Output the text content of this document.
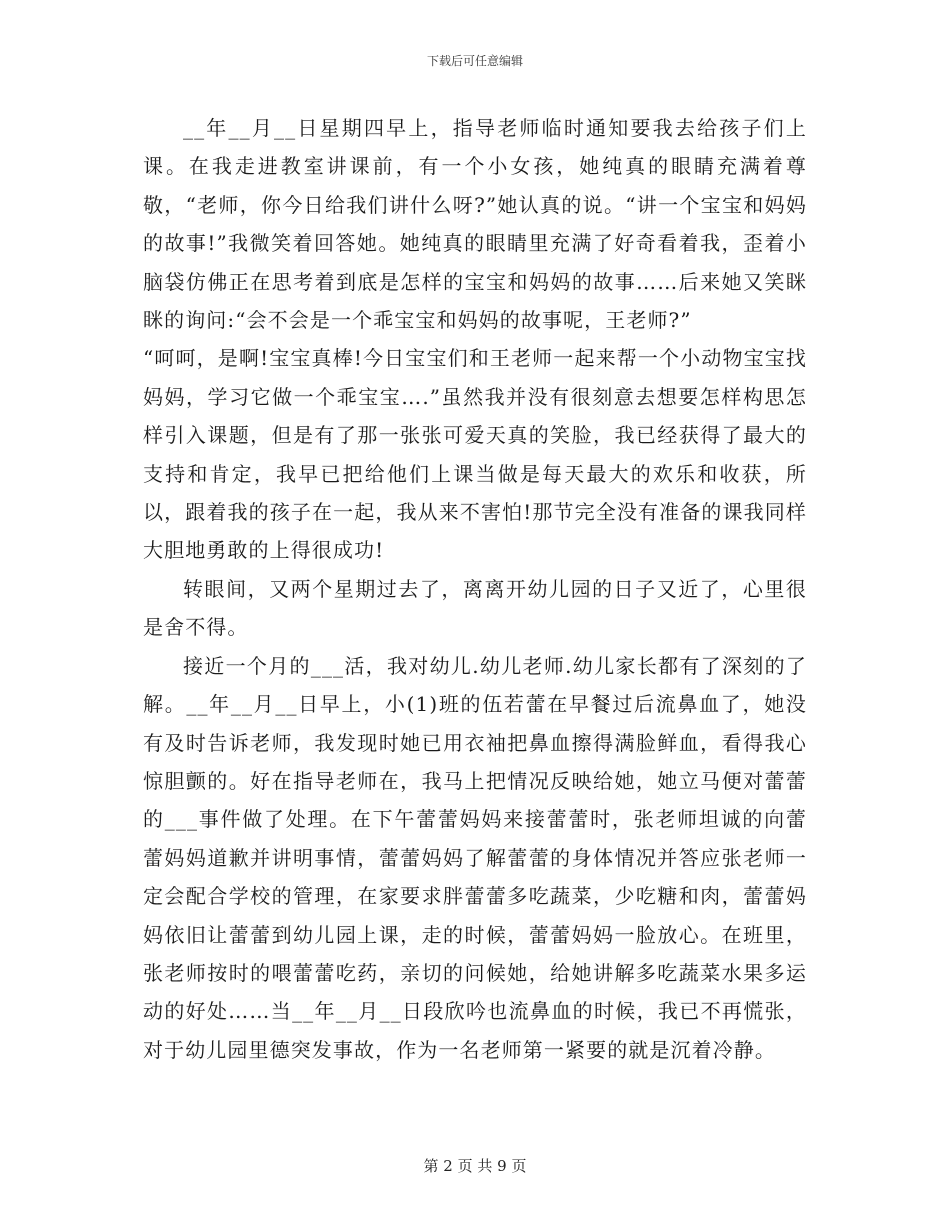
下载后可任意编辑

__年__月__日星期四早上，指导老师临时通知要我去给孩子们上课。在我走进教室讲课前，有一个小女孩，她纯真的眼睛充满着尊敬，“老师，你今日给我们讲什么呀?”她认真的说。“讲一个宝宝和妈妈的故事!”我微笑着回答她。她纯真的眼睛里充满了好奇看着我，歪着小脑袋仿佛正在思考着到底是怎样的宝宝和妈妈的故事……后来她又笑眯眯的询问:“会不会是一个乖宝宝和妈妈的故事呢，王老师?”

“呵呵，是啊!宝宝真棒!今日宝宝们和王老师一起来帮一个小动物宝宝找妈妈，学习它做一个乖宝宝….”虽然我并没有很刻意去想要怎样构思怎样引入课题，但是有了那一张张可爱天真的笑脸，我已经获得了最大的支持和肯定，我早已把给他们上课当做是每天最大的欢乐和收获，所以，跟着我的孩子在一起，我从来不害怕!那节完全没有准备的课我同样大胆地勇敢的上得很成功!

转眼间，又两个星期过去了，离离开幼儿园的日子又近了，心里很是舍不得。

接近一个月的___活，我对幼儿.幼儿老师.幼儿家长都有了深刻的了解。__年__月__日早上，小(1)班的伍若蕾在早餐过后流鼻血了，她没有及时告诉老师，我发现时她已用衣袖把鼻血擦得满脸鲜血，看得我心惊胆颤的。好在指导老师在，我马上把情况反映给她，她立马便对蕾蕾的___事件做了处理。在下午蕾蕾妈妈来接蕾蕾时，张老师坦诚的向蕾蕾妈妈道歉并讲明事情，蕾蕾妈妈了解蕾蕾的身体情况并答应张老师一定会配合学校的管理，在家要求胖蕾蕾多吃蔬菜，少吃糖和肉，蕾蕾妈妈依旧让蕾蕾到幼儿园上课，走的时候，蕾蕾妈妈一脸放心。在班里，张老师按时的喂蕾蕾吃药，亲切的问候她，给她讲解多吃蔬菜水果多运动的好处……当__年__月__日段欣吟也流鼻血的时候，我已不再慌张，对于幼儿园里德突发事故，作为一名老师第一紧要的就是沉着冷静。

第 2 页 共 9 页
